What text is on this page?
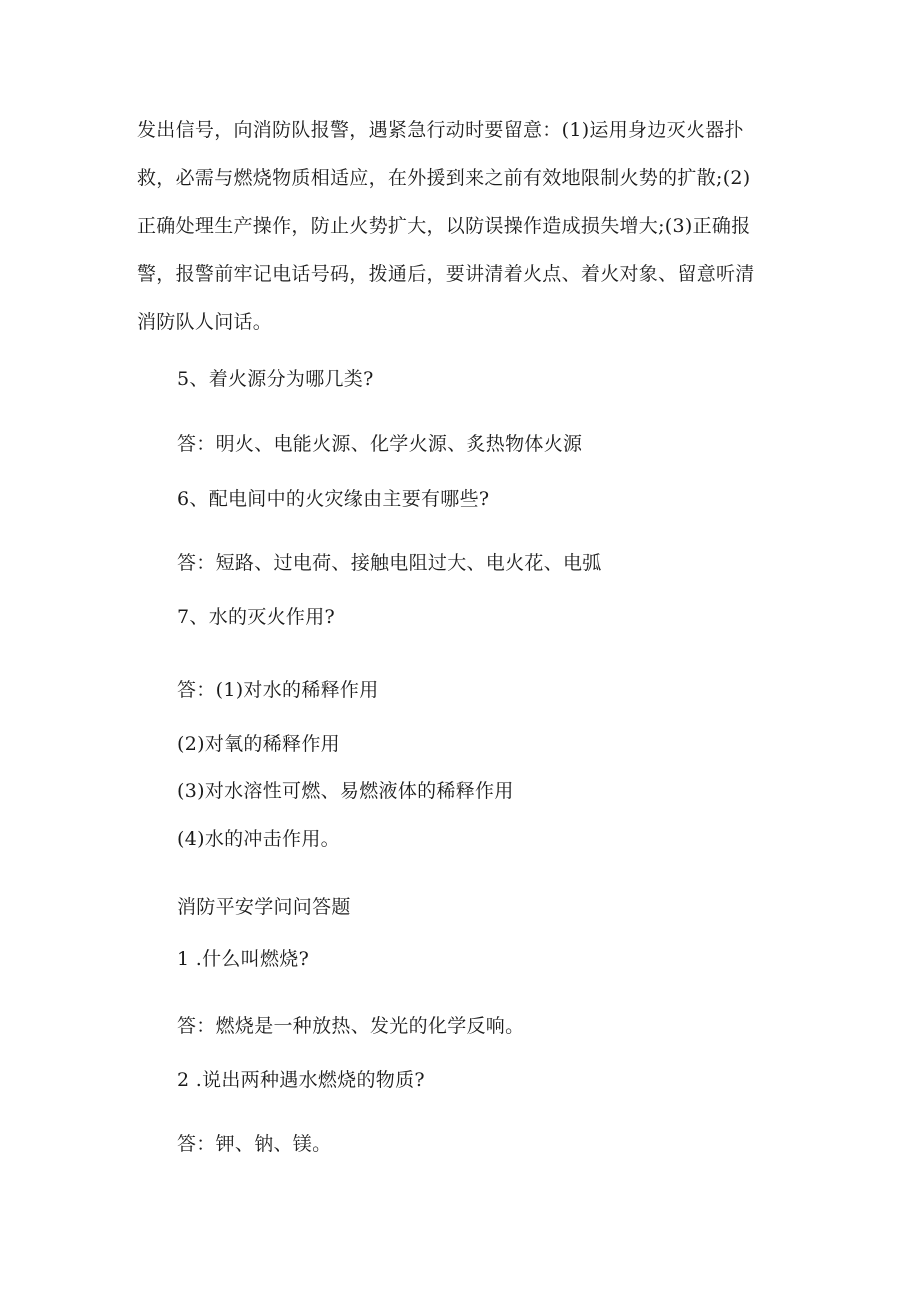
发出信号，向消防队报警，遇紧急行动时要留意：(1)运用身边灭火器扑
救，必需与燃烧物质相适应，在外援到来之前有效地限制火势的扩散;(2)
正确处理生产操作，防止火势扩大，以防误操作造成损失增大;(3)正确报
警，报警前牢记电话号码，拨通后，要讲清着火点、着火对象、留意听清
消防队人问话。
5、着火源分为哪几类?
答：明火、电能火源、化学火源、炙热物体火源
6、配电间中的火灾缘由主要有哪些?
答：短路、过电荷、接触电阻过大、电火花、电弧
7、水的灭火作用?
答：(1)对水的稀释作用
(2)对氧的稀释作用
(3)对水溶性可燃、易燃液体的稀释作用
(4)水的冲击作用。
消防平安学问问答题
1 .什么叫燃烧?
答：燃烧是一种放热、发光的化学反响。
2 .说出两种遇水燃烧的物质?
答：钾、钠、镁。
